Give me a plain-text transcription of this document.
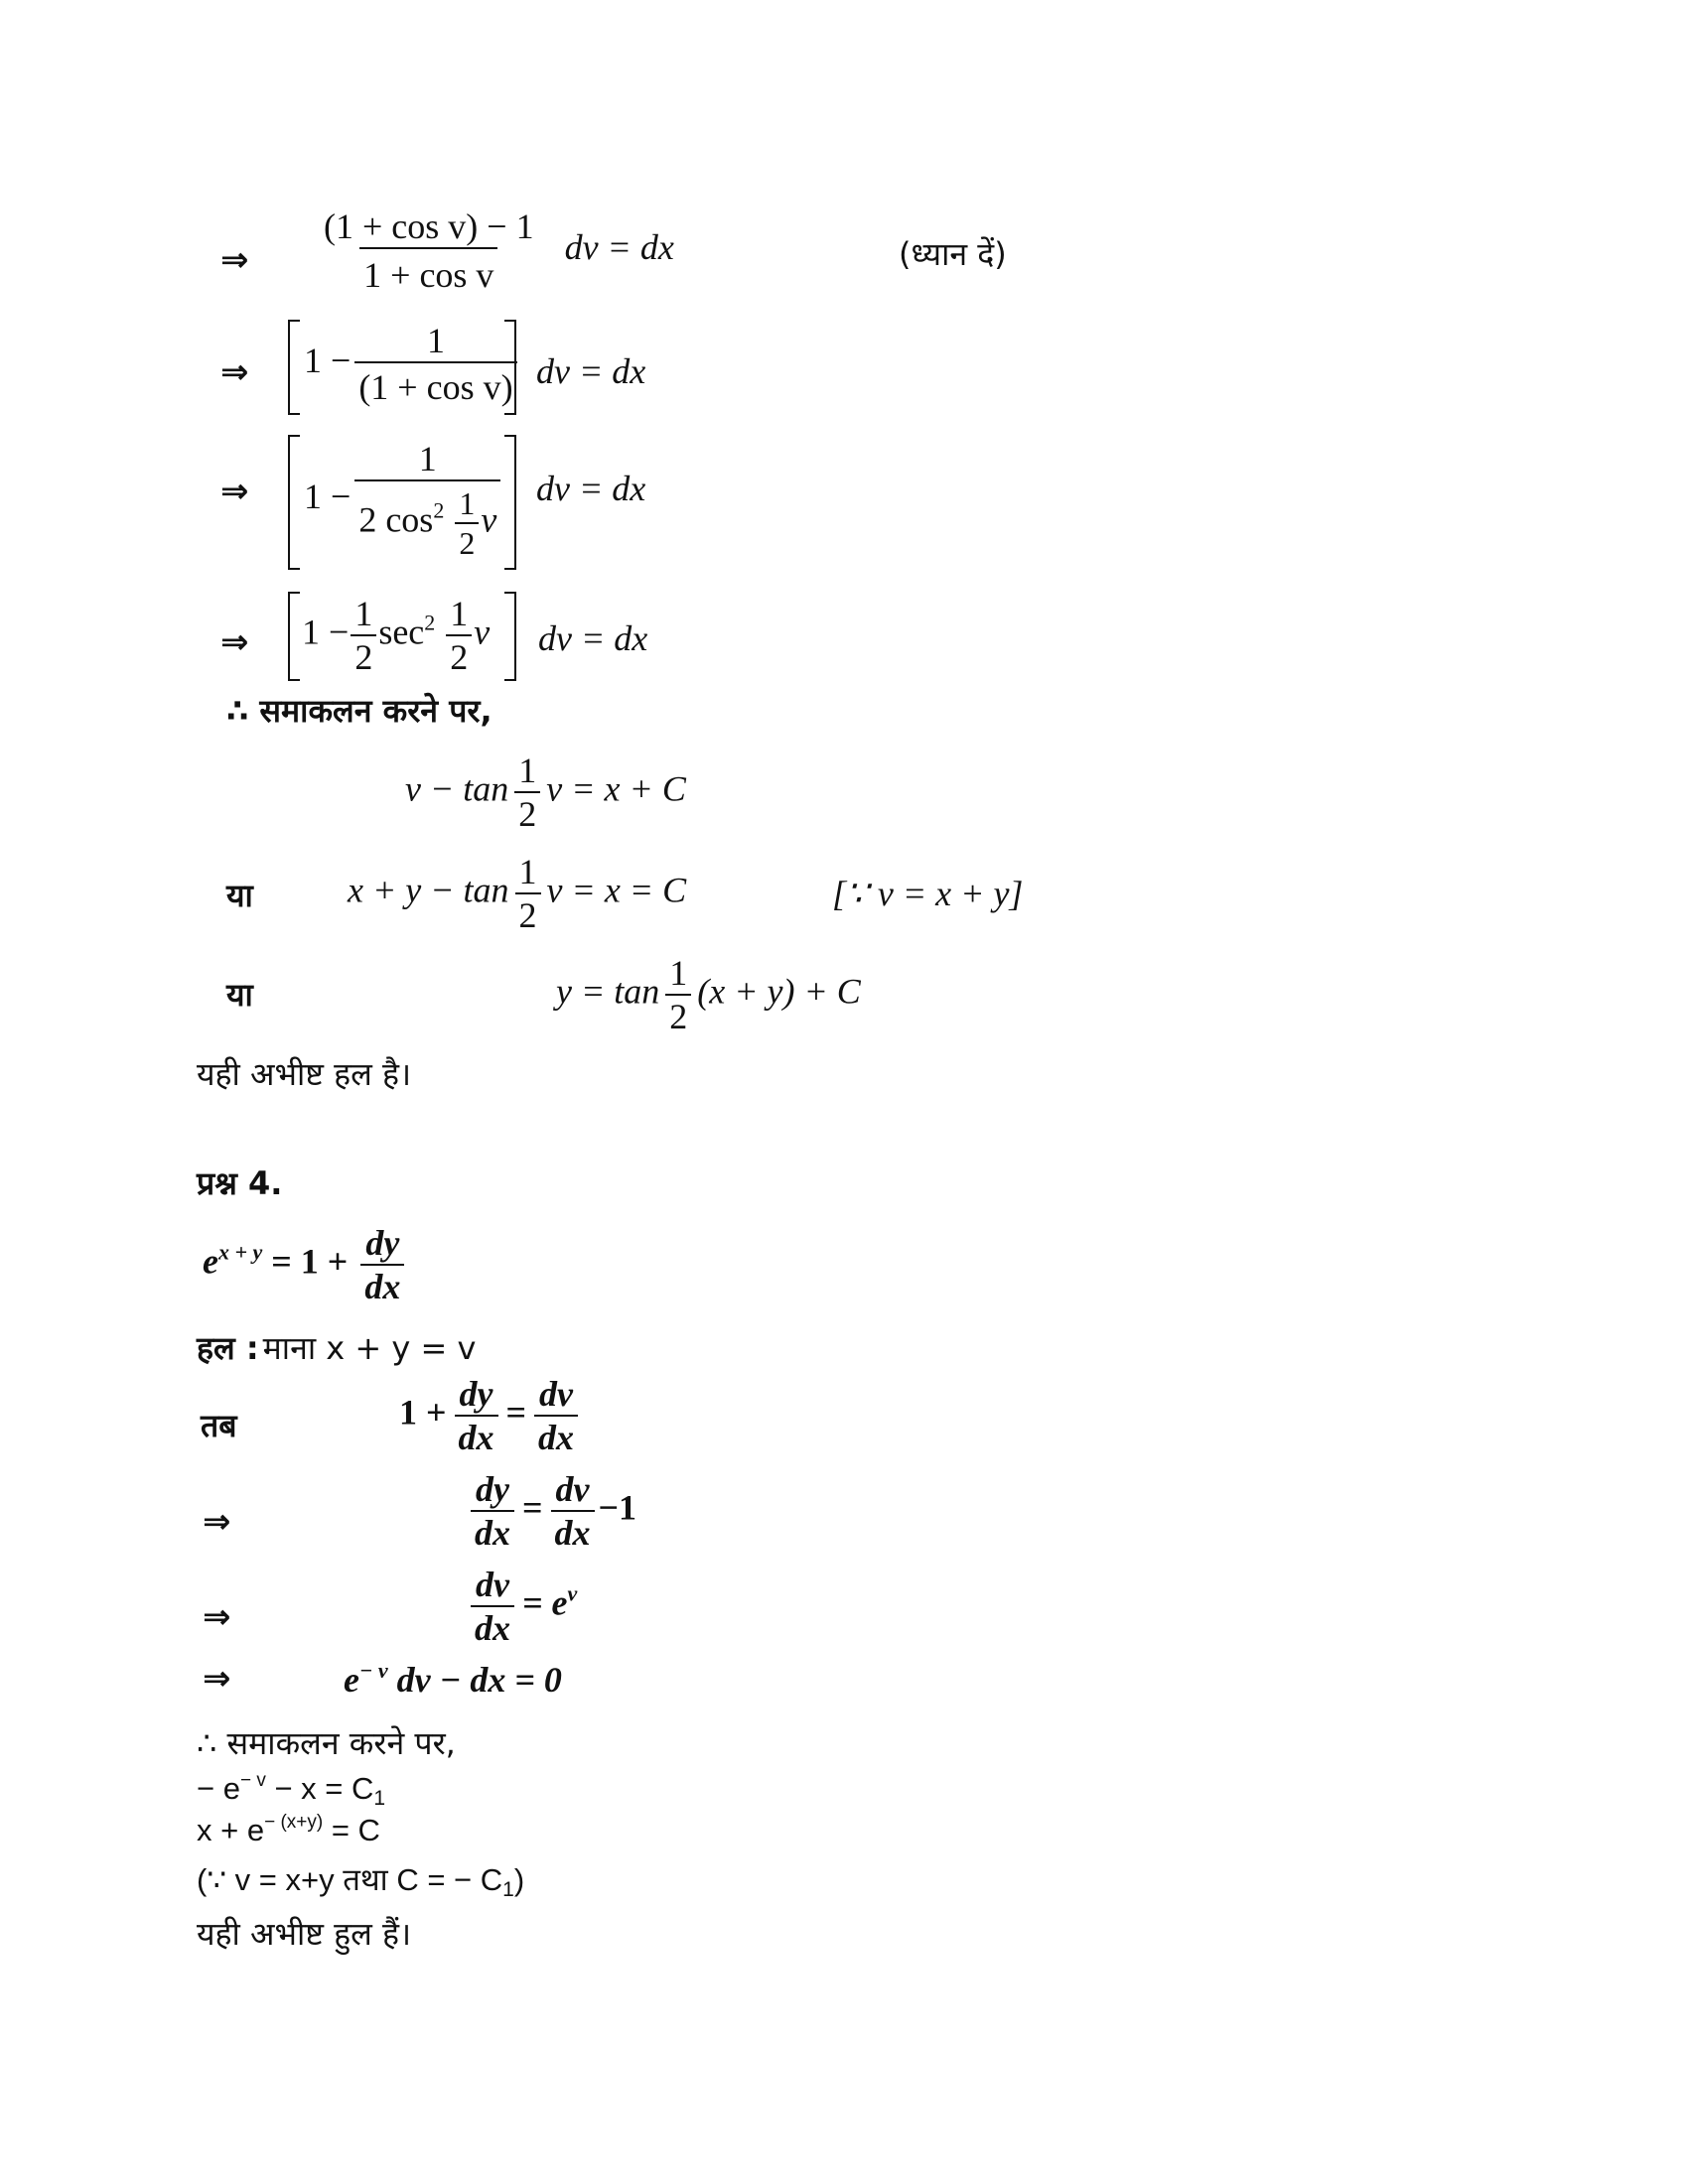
⇒ $\frac{\text{(1 + cos v) − 1}}{\text{1 + cos v}}$ dv = dx	(ध्यान दें)
⇒ $1 - \frac{1}{\text{(1 + cos v)}}$ dv = dx
⇒ $1 - \frac{1}{2 \cos^2 \frac{1}{2} v}$ dv = dx
⇒ $1 - \frac{1}{2} \sec^2 \frac{1}{2}$ v dv = dx
∴ समाकलन करने पर,
$v - \tan \frac{1}{2}$ v = x + C
या	$x + y - \tan \frac{1}{2}$ v = x = C	[∵ v = x + y]
या	$y = \tan \frac{1}{2} (x + y) + C$
यही अभीष्ट हल है।
प्रश्न 4.
$e^{x + y} = 1 + \frac{dy}{dx}$
हल : माना x + y = v
तब	$1 + \frac{dy}{dx} = \frac{dv}{dx}$
⇒	$\frac{dy}{dx} = \frac{dv}{dx} -1$
⇒	$\frac{dv}{dx} = e^v$
⇒	$e^{- v}$ dv − dx = 0
∴ समाकलन करने पर,
− $e^{- v} - x = C_1$
$x + e^{- (x+y)} = C$
(∵ v = x+y तथा C = − $C_1$)
यही अभीष्ट हुल हैं।
